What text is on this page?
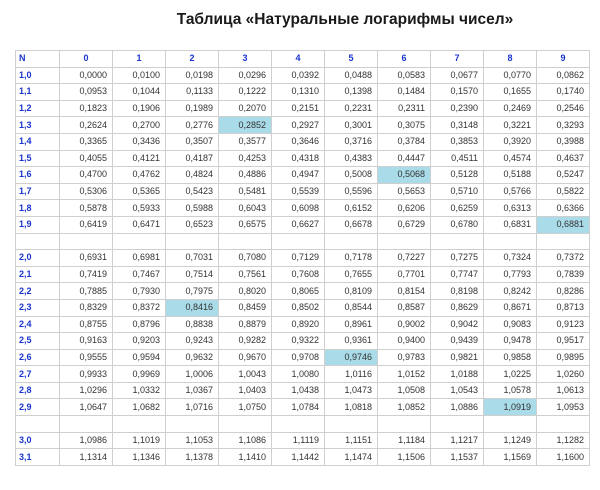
Таблица «Натуральные логарифмы чисел»
N	0	1	2	3	4	5	6	7	8	9
1,0	0,0000	0,0100	0,0198	0,0296	0,0392	0,0488	0,0583	0,0677	0,0770	0,0862
1,1	0,0953	0,1044	0,1133	0,1222	0,1310	0,1398	0,1484	0,1570	0,1655	0,1740
1,2	0,1823	0,1906	0,1989	0,2070	0,2151	0,2231	0,2311	0,2390	0,2469	0,2546
1,3	0,2624	0,2700	0,2776	0,2852	0,2927	0,3001	0,3075	0,3148	0,3221	0,3293
1,4	0,3365	0,3436	0,3507	0,3577	0,3646	0,3716	0,3784	0,3853	0,3920	0,3988
1,5	0,4055	0,4121	0,4187	0,4253	0,4318	0,4383	0,4447	0,4511	0,4574	0,4637
1,6	0,4700	0,4762	0,4824	0,4886	0,4947	0,5008	0,5068	0,5128	0,5188	0,5247
1,7	0,5306	0,5365	0,5423	0,5481	0,5539	0,5596	0,5653	0,5710	0,5766	0,5822
1,8	0,5878	0,5933	0,5988	0,6043	0,6098	0,6152	0,6206	0,6259	0,6313	0,6366
1,9	0,6419	0,6471	0,6523	0,6575	0,6627	0,6678	0,6729	0,6780	0,6831	0,6881

2,0	0,6931	0,6981	0,7031	0,7080	0,7129	0,7178	0,7227	0,7275	0,7324	0,7372
2,1	0,7419	0,7467	0,7514	0,7561	0,7608	0,7655	0,7701	0,7747	0,7793	0,7839
2,2	0,7885	0,7930	0,7975	0,8020	0,8065	0,8109	0,8154	0,8198	0,8242	0,8286
2,3	0,8329	0,8372	0,8416	0,8459	0,8502	0,8544	0,8587	0,8629	0,8671	0,8713
2,4	0,8755	0,8796	0,8838	0,8879	0,8920	0,8961	0,9002	0,9042	0,9083	0,9123
2,5	0,9163	0,9203	0,9243	0,9282	0,9322	0,9361	0,9400	0,9439	0,9478	0,9517
2,6	0,9555	0,9594	0,9632	0,9670	0,9708	0,9746	0,9783	0,9821	0,9858	0,9895
2,7	0,9933	0,9969	1,0006	1,0043	1,0080	1,0116	1,0152	1,0188	1,0225	1,0260
2,8	1,0296	1,0332	1,0367	1,0403	1,0438	1,0473	1,0508	1,0543	1,0578	1,0613
2,9	1,0647	1,0682	1,0716	1,0750	1,0784	1,0818	1,0852	1,0886	1,0919	1,0953

3,0	1,0986	1,1019	1,1053	1,1086	1,1119	1,1151	1,1184	1,1217	1,1249	1,1282
3,1	1,1314	1,1346	1,1378	1,1410	1,1442	1,1474	1,1506	1,1537	1,1569	1,1600
